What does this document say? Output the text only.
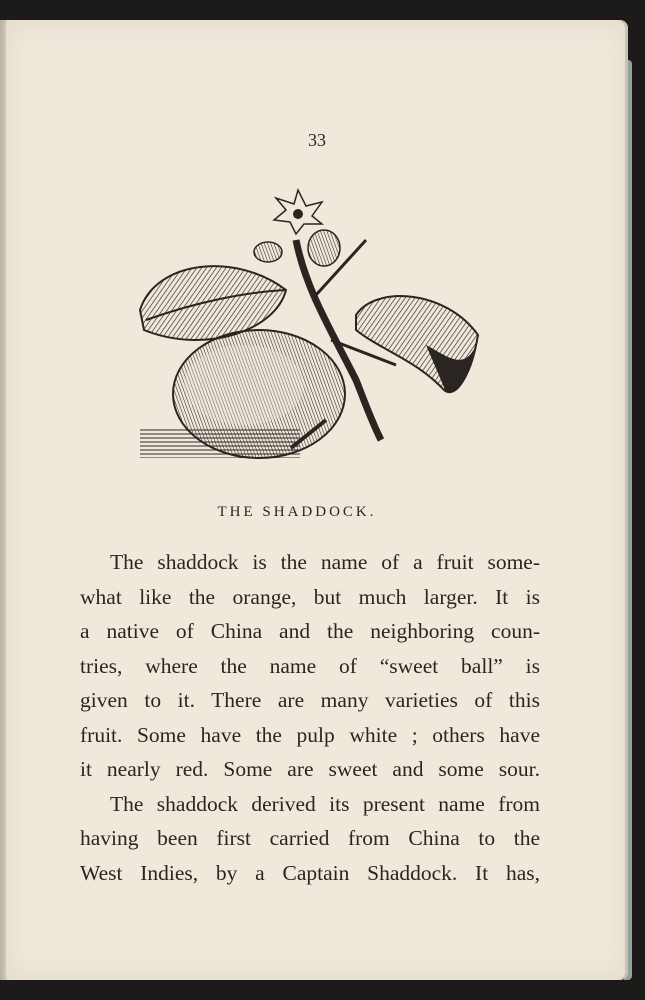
33
THE SHADDOCK.
The shaddock is the name of a fruit some-
what like the orange, but much larger. It is
a native of China and the neighboring coun-
tries, where the name of “sweet ball” is
given to it. There are many varieties of this
fruit. Some have the pulp white ; others have
it nearly red. Some are sweet and some sour.
The shaddock derived its present name from
having been first carried from China to the
West Indies, by a Captain Shaddock. It has,
